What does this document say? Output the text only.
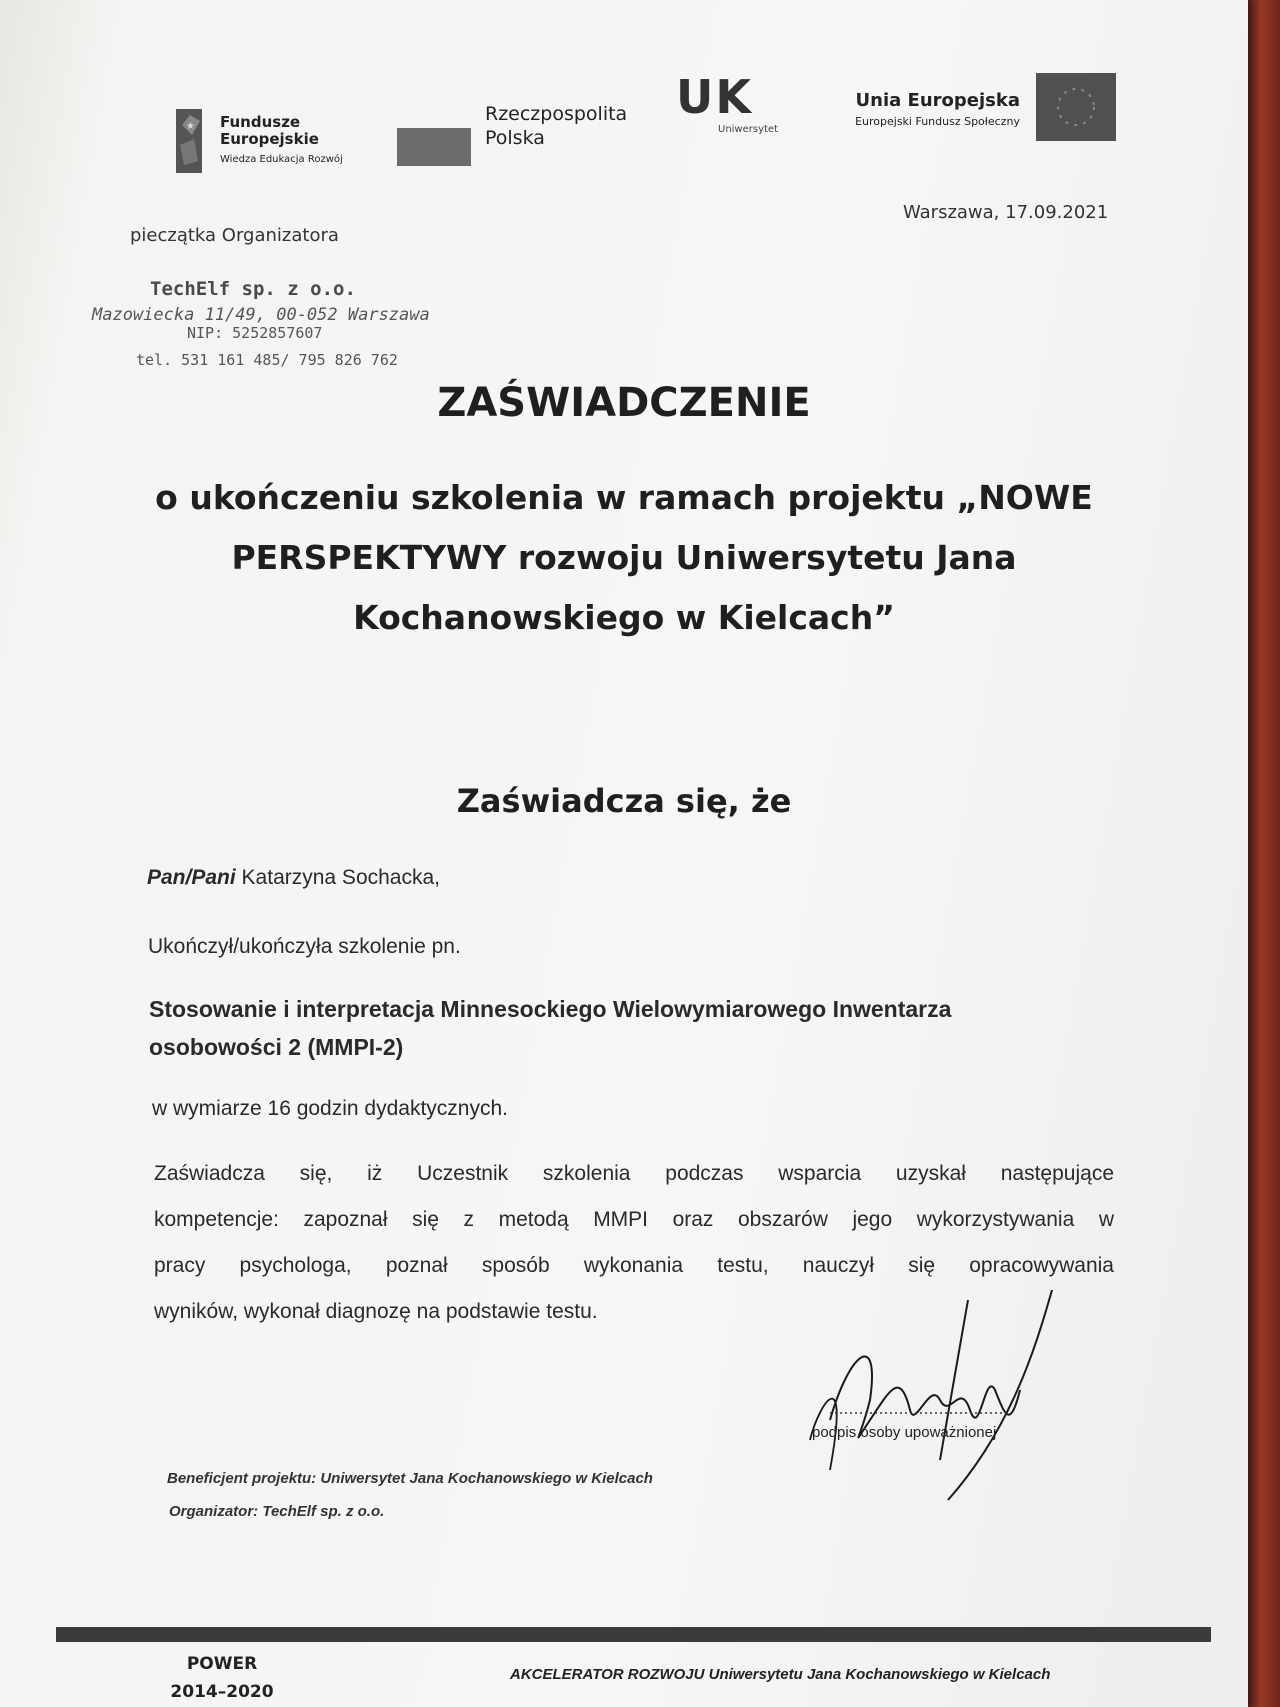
★ Fundusze
Europejskie
Wiedza Edukacja Rozwój
Rzeczpospolita
Polska
UK
Uniwersytet
Unia Europejska
Europejski Fundusz Społeczny
Warszawa, 17.09.2021
pieczątka Organizatora
TechElf sp. z o.o.
Mazowiecka 11/49, 00-052 Warszawa
NIP: 5252857607
tel. 531 161 485/ 795 826 762
ZAŚWIADCZENIE
o ukończeniu szkolenia w ramach projektu „NOWE
PERSPEKTYWY rozwoju Uniwersytetu Jana
Kochanowskiego w Kielcach”
Zaświadcza się, że
Pan/Pani Katarzyna Sochacka,
Ukończył/ukończyła szkolenie pn.
Stosowanie i interpretacja Minnesockiego Wielowymiarowego Inwentarza
osobowości 2 (MMPI-2)
w wymiarze 16 godzin dydaktycznych.
Zaświadcza się, iż Uczestnik szkolenia podczas wsparcia uzyskał następujące
kompetencje: zapoznał się z metodą MMPI oraz obszarów jego wykorzystywania w
pracy psychologa, poznał sposób wykonania testu, nauczył się opracowywania
wyników, wykonał diagnozę na podstawie testu.
podpis osoby upoważnionej
Beneficjent projektu: Uniwersytet Jana Kochanowskiego w Kielcach
Organizator: TechElf sp. z o.o.
POWER
2014–2020
AKCELERATOR ROZWOJU Uniwersytetu Jana Kochanowskiego w Kielcach
